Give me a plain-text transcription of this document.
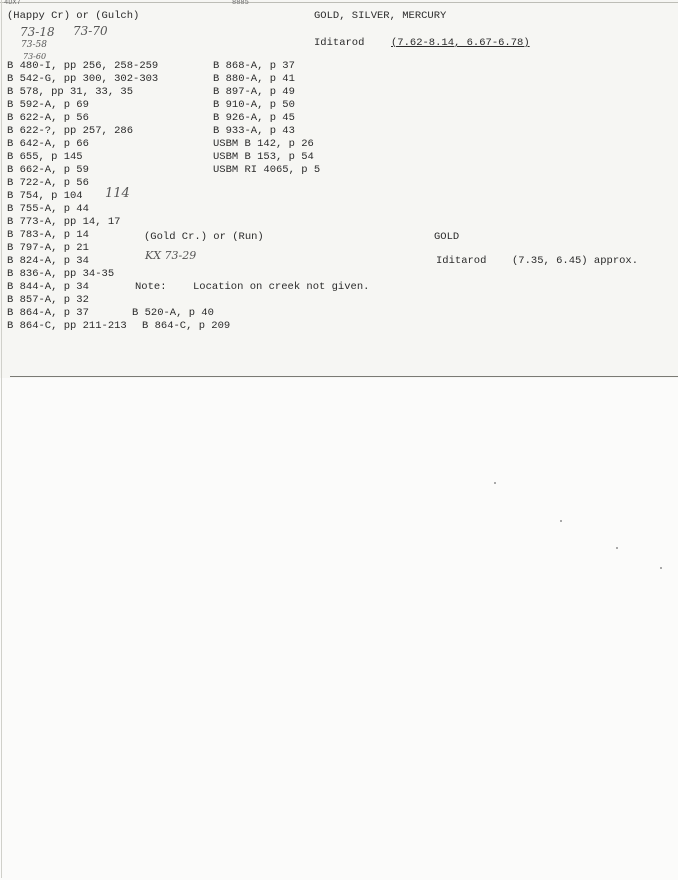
4DX7	8885
(Happy Cr) or (Gulch)	GOLD, SILVER, MERCURY
Iditarod	(7.62-8.14, 6.67-6.78)
73-18 73-70
73-58
73-60
B 480-I, pp 256, 258-259
B 542-G, pp 300, 302-303
B 578, pp 31, 33, 35
B 592-A, p 69
B 622-A, p 56
B 622-?, pp 257, 286
B 642-A, p 66
B 655, p 145
B 662-A, p 59
B 722-A, p 56
B 754, p 104
B 755-A, p 44
B 773-A, pp 14, 17
B 783-A, p 14
B 797-A, p 21
B 824-A, p 34
B 836-A, pp 34-35
B 844-A, p 34
B 857-A, p 32
B 864-A, p 37
B 864-C, pp 211-213
114
B 868-A, p 37
B 880-A, p 41
B 897-A, p 49
B 910-A, p 50
B 926-A, p 45
B 933-A, p 43
USBM B 142, p 26
USBM B 153, p 54
USBM RI 4065, p 5
(Gold Cr.) or (Run)	GOLD
KX 73-29	Iditarod (7.35, 6.45) approx.
Note:	Location on creek not given.
B 520-A, p 40
B 864-C, p 209
